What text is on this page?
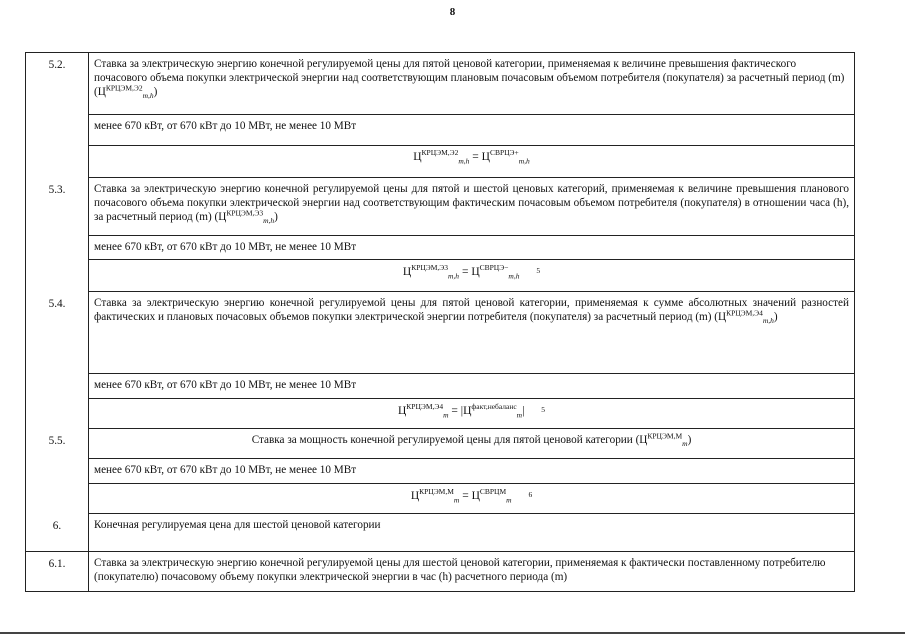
8
5.2.	Ставка за электрическую энергию конечной регулируемой цены для пятой ценовой категории, применяемая к величине превышения фактического почасового объема покупки электрической энергии над соответствующим плановым почасовым объемом потребителя (покупателя) за расчетный период (m) $(Ц^{КРЦЭМ,Э2}_{m,h})$
	менее 670 кВт, от 670 кВт до 10 МВт, не менее 10 МВт
	$Ц^{КРЦЭМ,Э2}_{m,h} = Ц^{СВРЦЭ+}_{m,h}$
5.3.	Ставка за электрическую энергию конечной регулируемой цены для пятой и шестой ценовых категорий, применяемая к величине превышения планового почасового объема покупки электрической энергии над соответствующим фактическим почасовым объемом потребителя (покупателя) в отношении часа (h), за расчетный период (m) $(Ц^{КРЦЭМ,Э3}_{m,h})$
	менее 670 кВт, от 670 кВт до 10 МВт, не менее 10 МВт
	$Ц^{КРЦЭМ,Э3}_{m,h} = Ц^{СВРЦЭ-}_{m,h}$ 5
5.4.	Ставка за электрическую энергию конечной регулируемой цены для пятой ценовой категории, применяемая к сумме абсолютных значений разностей фактических и плановых почасовых объемов покупки электрической энергии потребителя (покупателя) за расчетный период (m) $(Ц^{КРЦЭМ,Э4}_{m,h})$
	менее 670 кВт, от 670 кВт до 10 МВт, не менее 10 МВт
	$Ц^{КРЦЭМ,Э4}_m = |Ц^{факт,небаланс}_m|$ 5
5.5.	Ставка за мощность конечной регулируемой цены для пятой ценовой категории $(Ц^{КРЦЭМ,М}_m)$
	менее 670 кВт, от 670 кВт до 10 МВт, не менее 10 МВт
	$Ц^{КРЦЭМ,М}_m = Ц^{СВРЦМ}_m$ 6
6.	Конечная регулируемая цена для шестой ценовой категории
6.1.	Ставка за электрическую энергию конечной регулируемой цены для шестой ценовой категории, применяемая к фактически поставленному потребителю (покупателю) почасовому объему покупки электрической энергии в час (h) расчетного периода (m)
